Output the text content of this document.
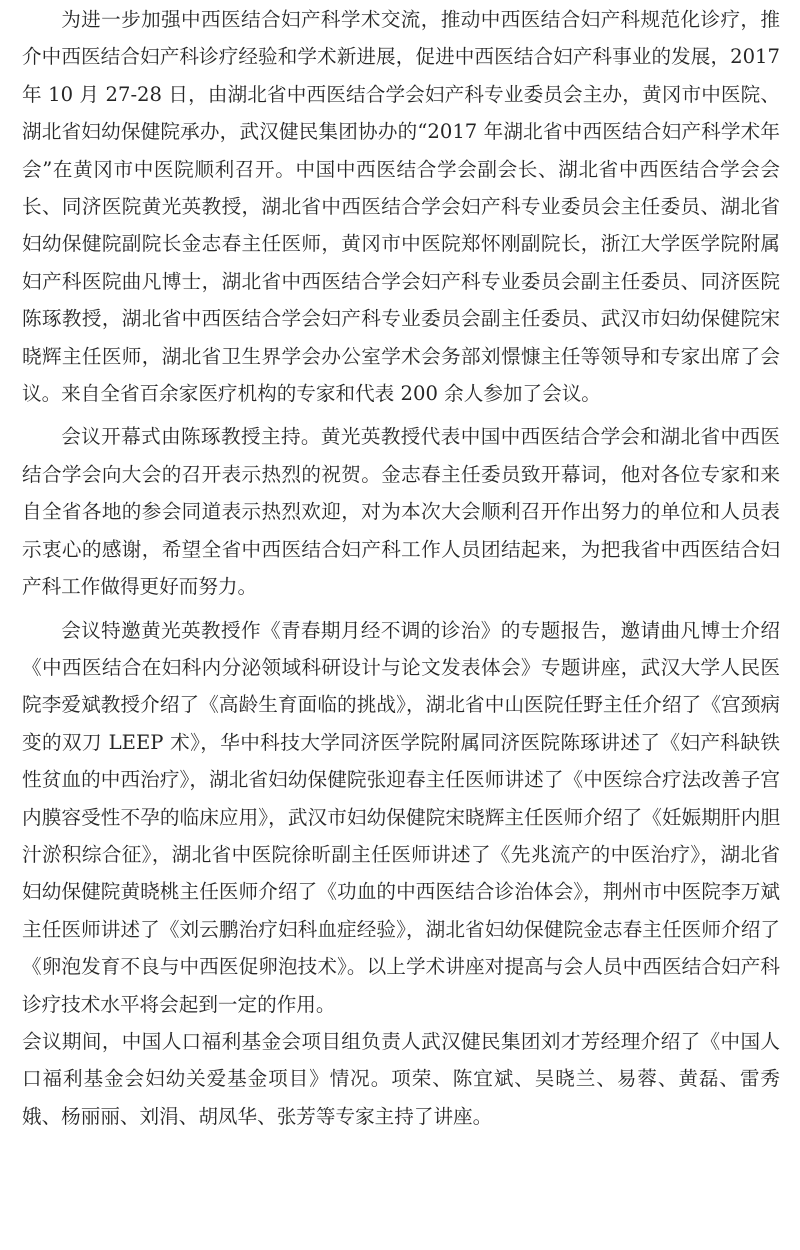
为进一步加强中西医结合妇产科学术交流，推动中西医结合妇产科规范化诊疗，推介中西医结合妇产科诊疗经验和学术新进展，促进中西医结合妇产科事业的发展，2017 年 10 月 27-28 日，由湖北省中西医结合学会妇产科专业委员会主办，黄冈市中医院、湖北省妇幼保健院承办，武汉健民集团协办的“2017 年湖北省中西医结合妇产科学术年会”在黄冈市中医院顺利召开。中国中西医结合学会副会长、湖北省中西医结合学会会长、同济医院黄光英教授，湖北省中西医结合学会妇产科专业委员会主任委员、湖北省妇幼保健院副院长金志春主任医师，黄冈市中医院郑怀刚副院长，浙江大学医学院附属妇产科医院曲凡博士，湖北省中西医结合学会妇产科专业委员会副主任委员、同济医院陈琢教授，湖北省中西医结合学会妇产科专业委员会副主任委员、武汉市妇幼保健院宋晓辉主任医师，湖北省卫生界学会办公室学术会务部刘憬慷主任等领导和专家出席了会议。来自全省百余家医疗机构的专家和代表 200 余人参加了会议。

会议开幕式由陈琢教授主持。黄光英教授代表中国中西医结合学会和湖北省中西医结合学会向大会的召开表示热烈的祝贺。金志春主任委员致开幕词，他对各位专家和来自全省各地的参会同道表示热烈欢迎，对为本次大会顺利召开作出努力的单位和人员表示衷心的感谢，希望全省中西医结合妇产科工作人员团结起来，为把我省中西医结合妇产科工作做得更好而努力。

会议特邀黄光英教授作《青春期月经不调的诊治》的专题报告，邀请曲凡博士介绍《中西医结合在妇科内分泌领域科研设计与论文发表体会》专题讲座，武汉大学人民医院李爱斌教授介绍了《高龄生育面临的挑战》，湖北省中山医院任野主任介绍了《宫颈病变的双刀 LEEP 术》，华中科技大学同济医学院附属同济医院陈琢讲述了《妇产科缺铁性贫血的中西治疗》，湖北省妇幼保健院张迎春主任医师讲述了《中医综合疗法改善子宫内膜容受性不孕的临床应用》，武汉市妇幼保健院宋晓辉主任医师介绍了《妊娠期肝内胆汁淤积综合征》，湖北省中医院徐昕副主任医师讲述了《先兆流产的中医治疗》，湖北省妇幼保健院黄晓桃主任医师介绍了《功血的中西医结合诊治体会》，荆州市中医院李万斌主任医师讲述了《刘云鹏治疗妇科血症经验》，湖北省妇幼保健院金志春主任医师介绍了《卵泡发育不良与中西医促卵泡技术》。以上学术讲座对提高与会人员中西医结合妇产科诊疗技术水平将会起到一定的作用。

会议期间，中国人口福利基金会项目组负责人武汉健民集团刘才芳经理介绍了《中国人口福利基金会妇幼关爱基金项目》情况。项荣、陈宜斌、吴晓兰、易蓉、黄磊、雷秀娥、杨丽丽、刘涓、胡凤华、张芳等专家主持了讲座。
